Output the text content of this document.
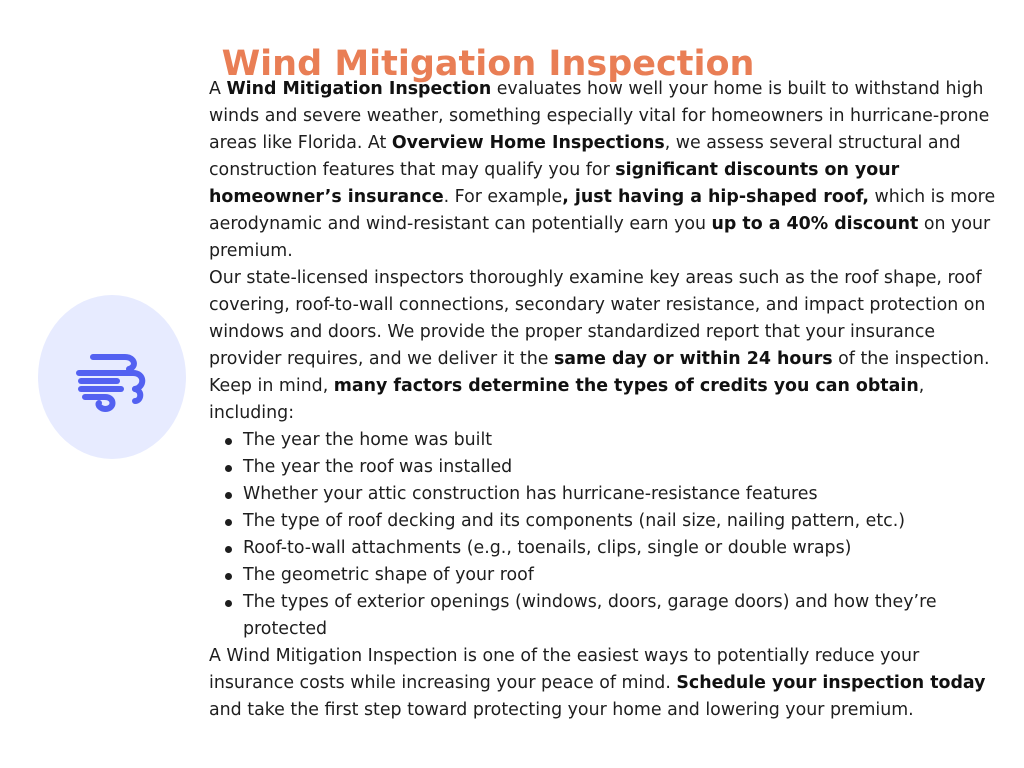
Wind Mitigation Inspection

A Wind Mitigation Inspection evaluates how well your home is built to withstand high winds and severe weather, something especially vital for homeowners in hurricane-prone areas like Florida. At Overview Home Inspections, we assess several structural and construction features that may qualify you for significant discounts on your homeowner’s insurance. For example, just having a hip-shaped roof, which is more aerodynamic and wind-resistant can potentially earn you up to a 40% discount on your premium.

Our state-licensed inspectors thoroughly examine key areas such as the roof shape, roof covering, roof-to-wall connections, secondary water resistance, and impact protection on windows and doors. We provide the proper standardized report that your insurance provider requires, and we deliver it the same day or within 24 hours of the inspection.

Keep in mind, many factors determine the types of credits you can obtain, including:

The year the home was built
The year the roof was installed
Whether your attic construction has hurricane-resistance features
The type of roof decking and its components (nail size, nailing pattern, etc.)
Roof-to-wall attachments (e.g., toenails, clips, single or double wraps)
The geometric shape of your roof
The types of exterior openings (windows, doors, garage doors) and how they’re protected

A Wind Mitigation Inspection is one of the easiest ways to potentially reduce your insurance costs while increasing your peace of mind. Schedule your inspection today and take the first step toward protecting your home and lowering your premium.
